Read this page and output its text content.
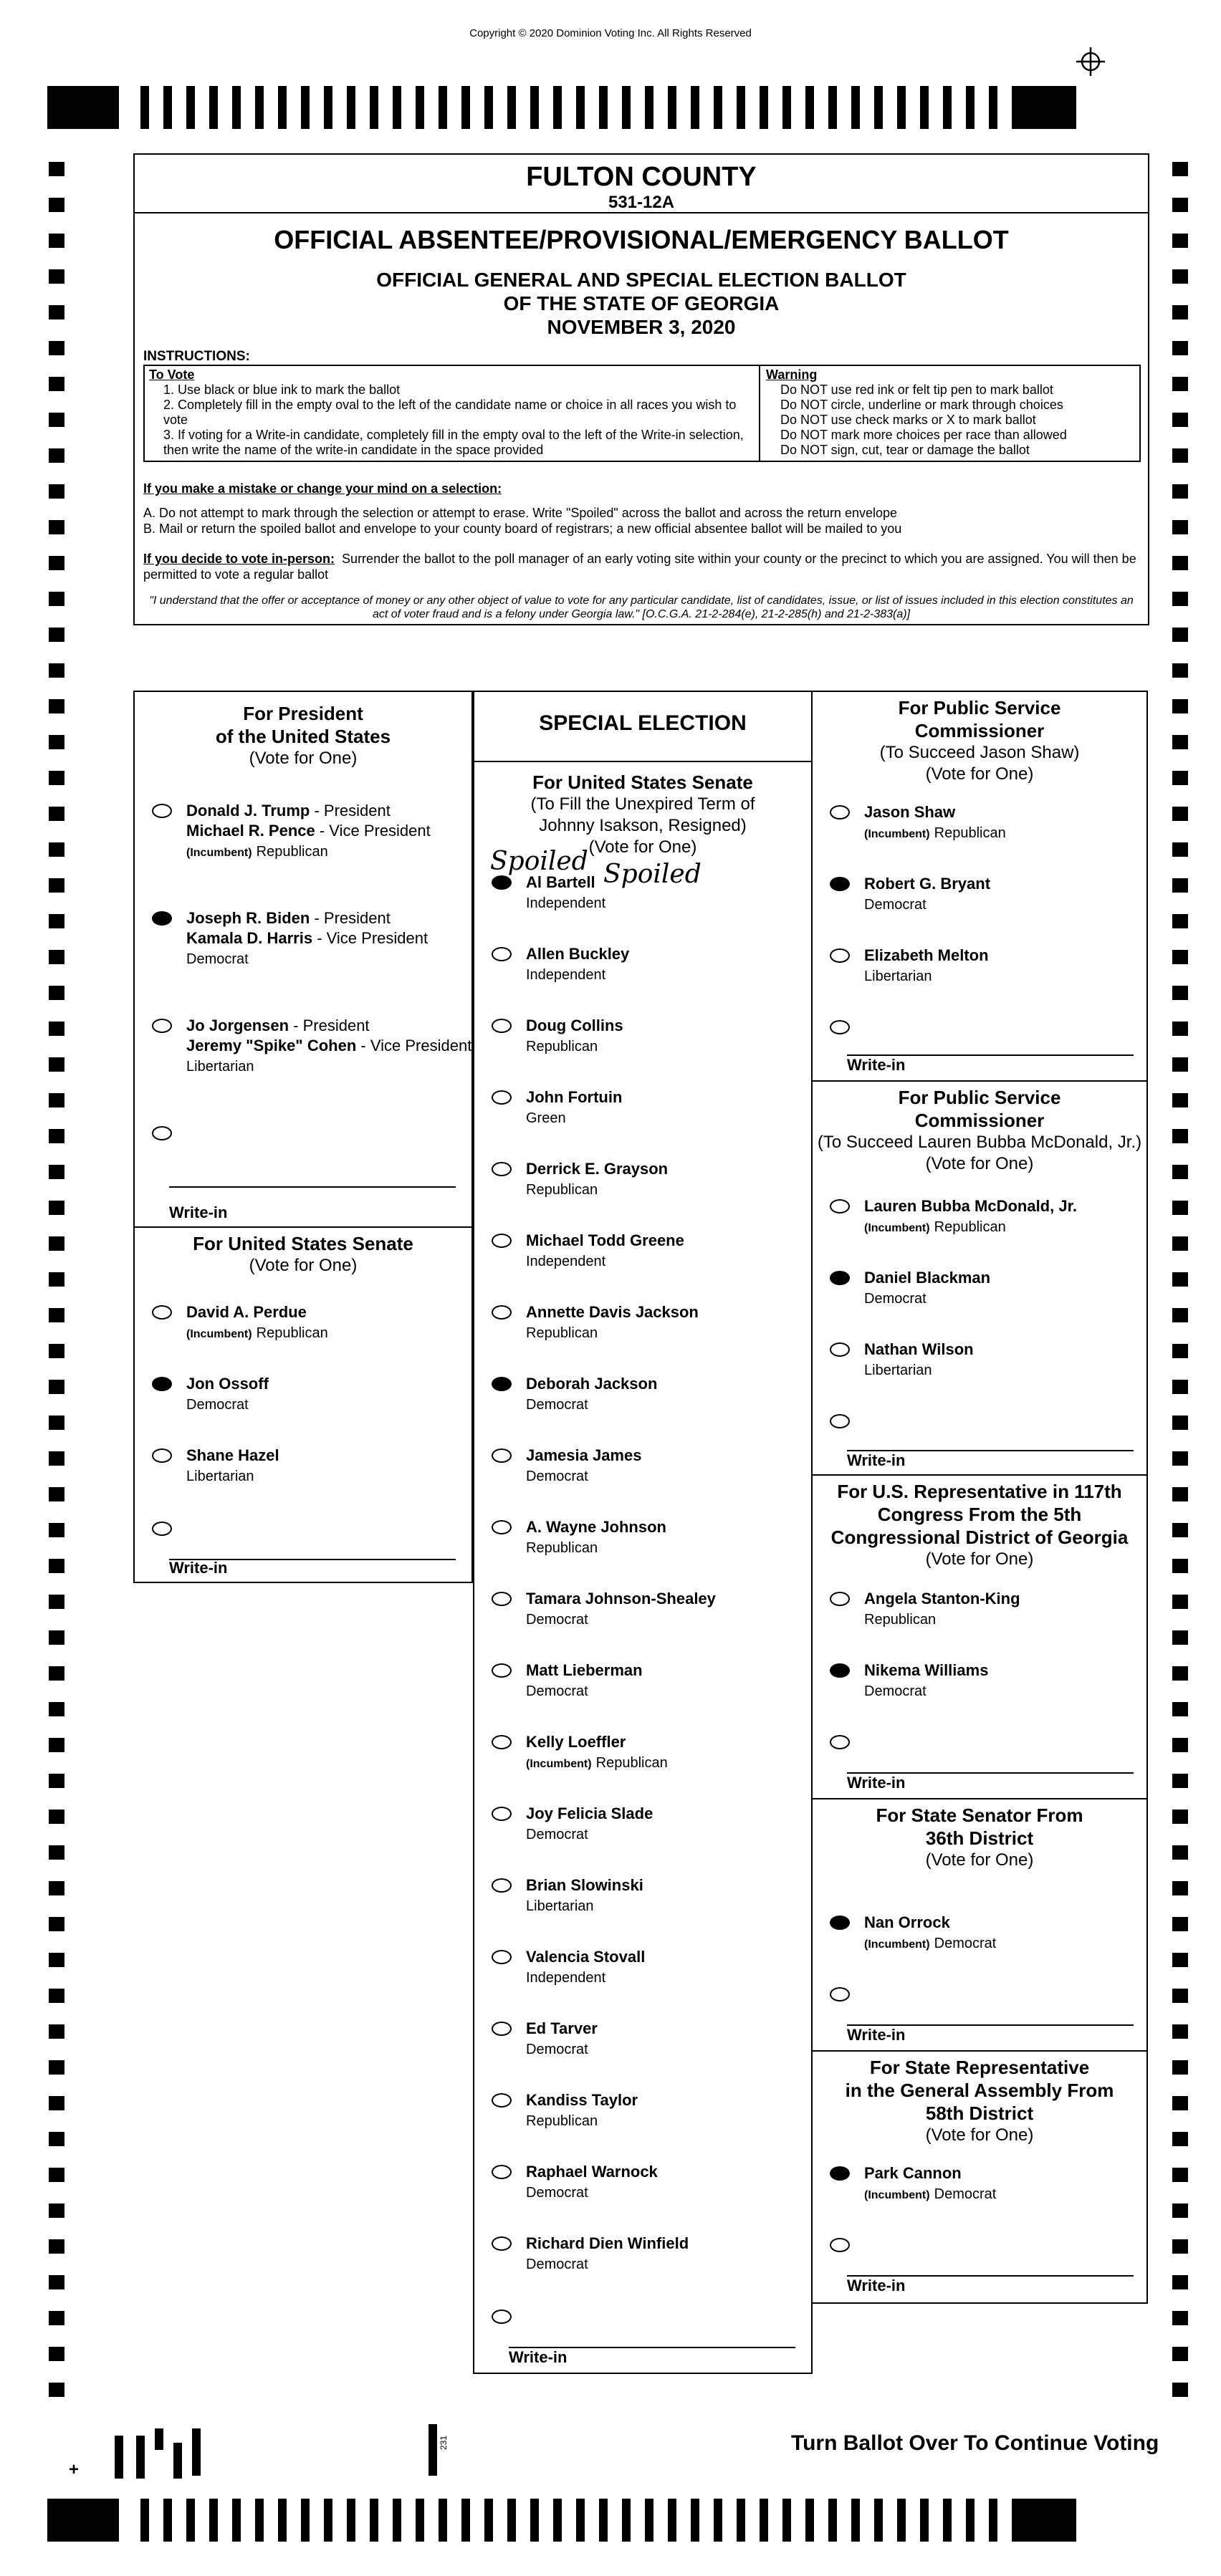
Copyright © 2020 Dominion Voting Inc. All Rights Reserved
FULTON COUNTY
531-12A
OFFICIAL ABSENTEE/PROVISIONAL/EMERGENCY BALLOT
OFFICIAL GENERAL AND SPECIAL ELECTION BALLOT
OF THE STATE OF GEORGIA
NOVEMBER 3, 2020
INSTRUCTIONS:
To Vote

1. Use black or blue ink to mark the ballot

2. Completely fill in the empty oval to the left of the candidate name or choice in all races you wish to vote

3. If voting for a Write-in candidate, completely fill in the empty oval to the left of the Write-in selection, then write the name of the write-in candidate in the space provided

Warning

Do NOT use red ink or felt tip pen to mark ballot

Do NOT circle, underline or mark through choices

Do NOT use check marks or X to mark ballot

Do NOT mark more choices per race than allowed

Do NOT sign, cut, tear or damage the ballot

If you make a mistake or change your mind on a selection:

A. Do not attempt to mark through the selection or attempt to erase. Write "Spoiled" across the ballot and across the return envelope

B. Mail or return the spoiled ballot and envelope to your county board of registrars; a new official absentee ballot will be mailed to you

If you decide to vote in-person: Surrender the ballot to the poll manager of an early voting site within your county or the precinct to which you are assigned. You will then be permitted to vote a regular ballot

"I understand that the offer or acceptance of money or any other object of value to vote for any particular candidate, list of candidates, issue, or list of issues included in this election constitutes an act of voter fraud and is a felony under Georgia law." [O.C.G.A. 21-2-284(e), 21-2-285(h) and 21-2-383(a)]
For President
of the United States
(Vote for One)
Donald J. Trump - President
Michael R. Pence - Vice President
(Incumbent) Republican
Joseph R. Biden - President
Kamala D. Harris - Vice President
Democrat
Jo Jorgensen - President
Jeremy "Spike" Cohen - Vice President
Libertarian
Write-in
For United States Senate
(Vote for One)
David A. Perdue
(Incumbent) Republican
Jon Ossoff
Democrat
Shane Hazel
Libertarian
Write-in
SPECIAL ELECTION
For United States Senate
(To Fill the Unexpired Term of
Johnny Isakson, Resigned)
(Vote for One)
Al Bartell
Independent
Allen Buckley
Independent
Doug Collins
Republican
John Fortuin
Green
Derrick E. Grayson
Republican
Michael Todd Greene
Independent
Annette Davis Jackson
Republican
Deborah Jackson
Democrat
Jamesia James
Democrat
A. Wayne Johnson
Republican
Tamara Johnson-Shealey
Democrat
Matt Lieberman
Democrat
Kelly Loeffler
(Incumbent) Republican
Joy Felicia Slade
Democrat
Brian Slowinski
Libertarian
Valencia Stovall
Independent
Ed Tarver
Democrat
Kandiss Taylor
Republican
Raphael Warnock
Democrat
Richard Dien Winfield
Democrat
Spoiled Spoiled
Write-in
For Public Service
Commissioner
(To Succeed Jason Shaw)
(Vote for One)
Jason Shaw
(Incumbent) Republican
Robert G. Bryant
Democrat
Elizabeth Melton
Libertarian
Write-in
For Public Service
Commissioner
(To Succeed Lauren Bubba McDonald, Jr.)
(Vote for One)
Lauren Bubba McDonald, Jr.
(Incumbent) Republican
Daniel Blackman
Democrat
Nathan Wilson
Libertarian
Write-in
For U.S. Representative in 117th
Congress From the 5th
Congressional District of Georgia
(Vote for One)
Angela Stanton-King
Republican
Nikema Williams
Democrat
Write-in
For State Senator From
36th District
(Vote for One)
Nan Orrock
(Incumbent) Democrat
Write-in
For State Representative
in the General Assembly From
58th District
(Vote for One)
Park Cannon
(Incumbent) Democrat
Write-in
+
231	Turn Ballot Over To Continue Voting
